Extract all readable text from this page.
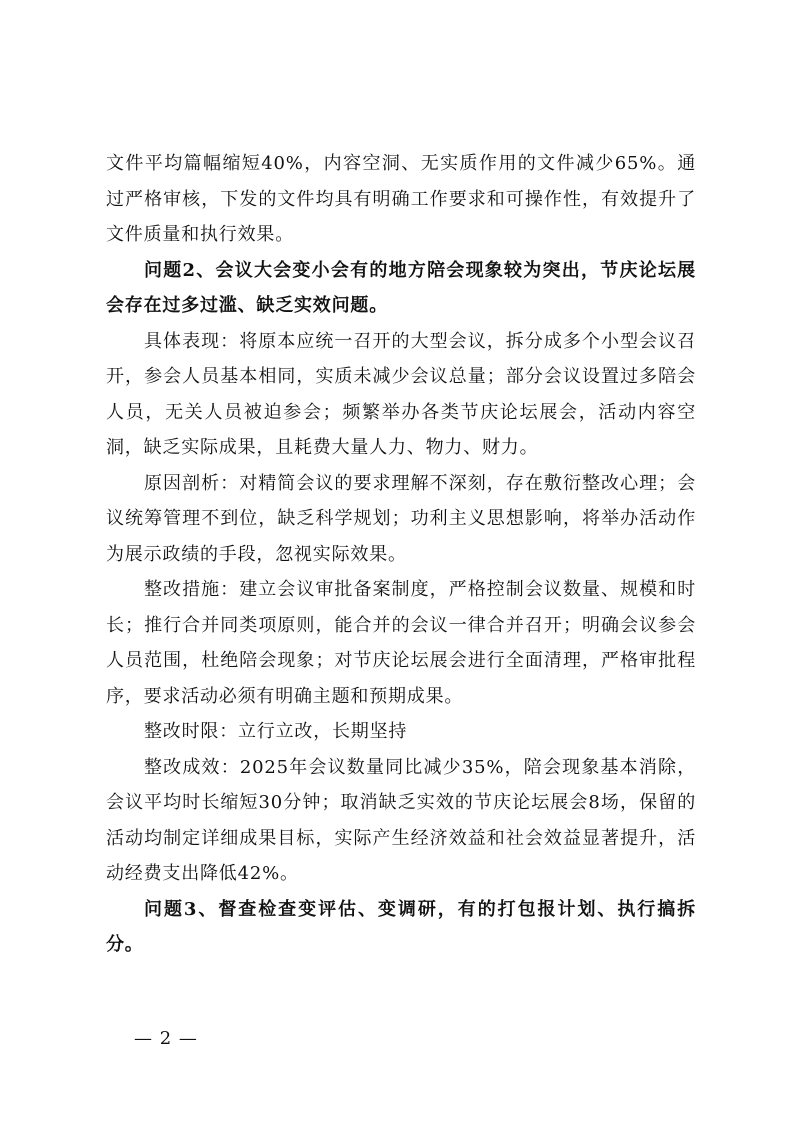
文件平均篇幅缩短40%，内容空洞、无实质作用的文件减少65%。通过严格审核，下发的文件均具有明确工作要求和可操作性，有效提升了文件质量和执行效果。

问题2、会议大会变小会有的地方陪会现象较为突出，节庆论坛展会存在过多过滥、缺乏实效问题。

具体表现：将原本应统一召开的大型会议，拆分成多个小型会议召开，参会人员基本相同，实质未减少会议总量；部分会议设置过多陪会人员，无关人员被迫参会；频繁举办各类节庆论坛展会，活动内容空洞，缺乏实际成果，且耗费大量人力、物力、财力。

原因剖析：对精简会议的要求理解不深刻，存在敷衍整改心理；会议统筹管理不到位，缺乏科学规划；功利主义思想影响，将举办活动作为展示政绩的手段，忽视实际效果。

整改措施：建立会议审批备案制度，严格控制会议数量、规模和时长；推行合并同类项原则，能合并的会议一律合并召开；明确会议参会人员范围，杜绝陪会现象；对节庆论坛展会进行全面清理，严格审批程序，要求活动必须有明确主题和预期成果。

整改时限：立行立改，长期坚持

整改成效：2025年会议数量同比减少35%，陪会现象基本消除，会议平均时长缩短30分钟；取消缺乏实效的节庆论坛展会8场，保留的活动均制定详细成果目标，实际产生经济效益和社会效益显著提升，活动经费支出降低42%。

问题3、督查检查变评估、变调研，有的打包报计划、执行搞拆分。

— 2 —
